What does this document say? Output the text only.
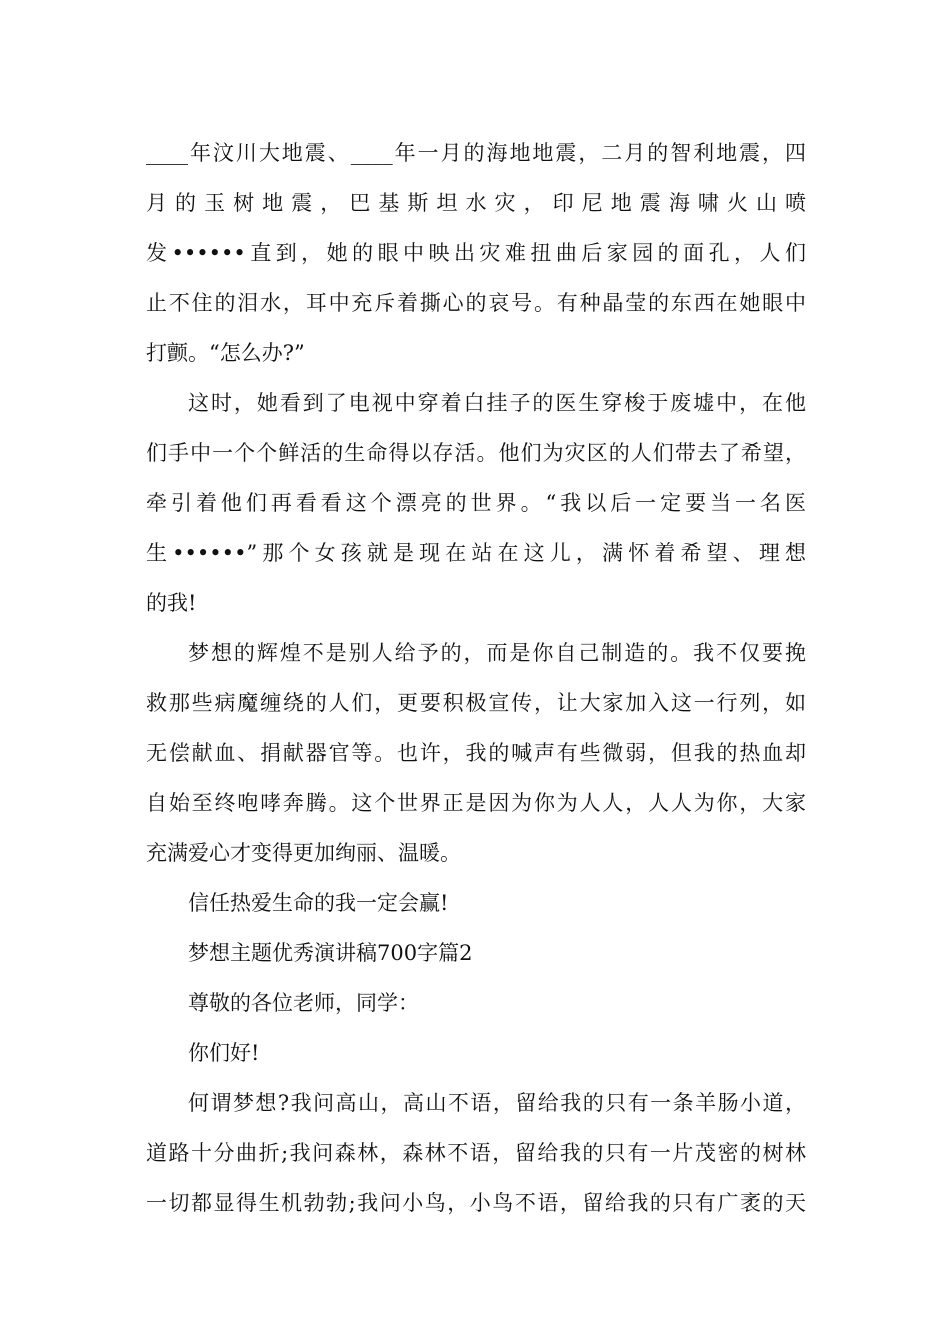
____年汶川大地震、____年一月的海地地震，二月的智利地震，四
月 的 玉 树 地 震 ， 巴 基 斯 坦 水 灾 ， 印 尼 地 震 海 啸 火 山 喷
发••••••直到，她的眼中映出灾难扭曲后家园的面孔，人们
止不住的泪水，耳中充斥着撕心的哀号。有种晶莹的东西在她眼中
打颤。“怎么办?”

这时，她看到了电视中穿着白挂子的医生穿梭于废墟中，在他
们手中一个个鲜活的生命得以存活。他们为灾区的人们带去了希望，
牵引着他们再看看这个漂亮的世界。“我以后一定要当一名医
生••••••”那个女孩就是现在站在这儿，满怀着希望、理想
的我!

梦想的辉煌不是别人给予的，而是你自己制造的。我不仅要挽
救那些病魔缠绕的人们，更要积极宣传，让大家加入这一行列，如
无偿献血、捐献器官等。也许，我的喊声有些微弱，但我的热血却
自始至终咆哮奔腾。这个世界正是因为你为人人，人人为你，大家
充满爱心才变得更加绚丽、温暖。

信任热爱生命的我一定会赢!

梦想主题优秀演讲稿700字篇2

尊敬的各位老师，同学：

你们好!

何谓梦想?我问高山，高山不语，留给我的只有一条羊肠小道，
道路十分曲折;我问森林，森林不语，留给我的只有一片茂密的树林
一切都显得生机勃勃;我问小鸟，小鸟不语，留给我的只有广袤的天
